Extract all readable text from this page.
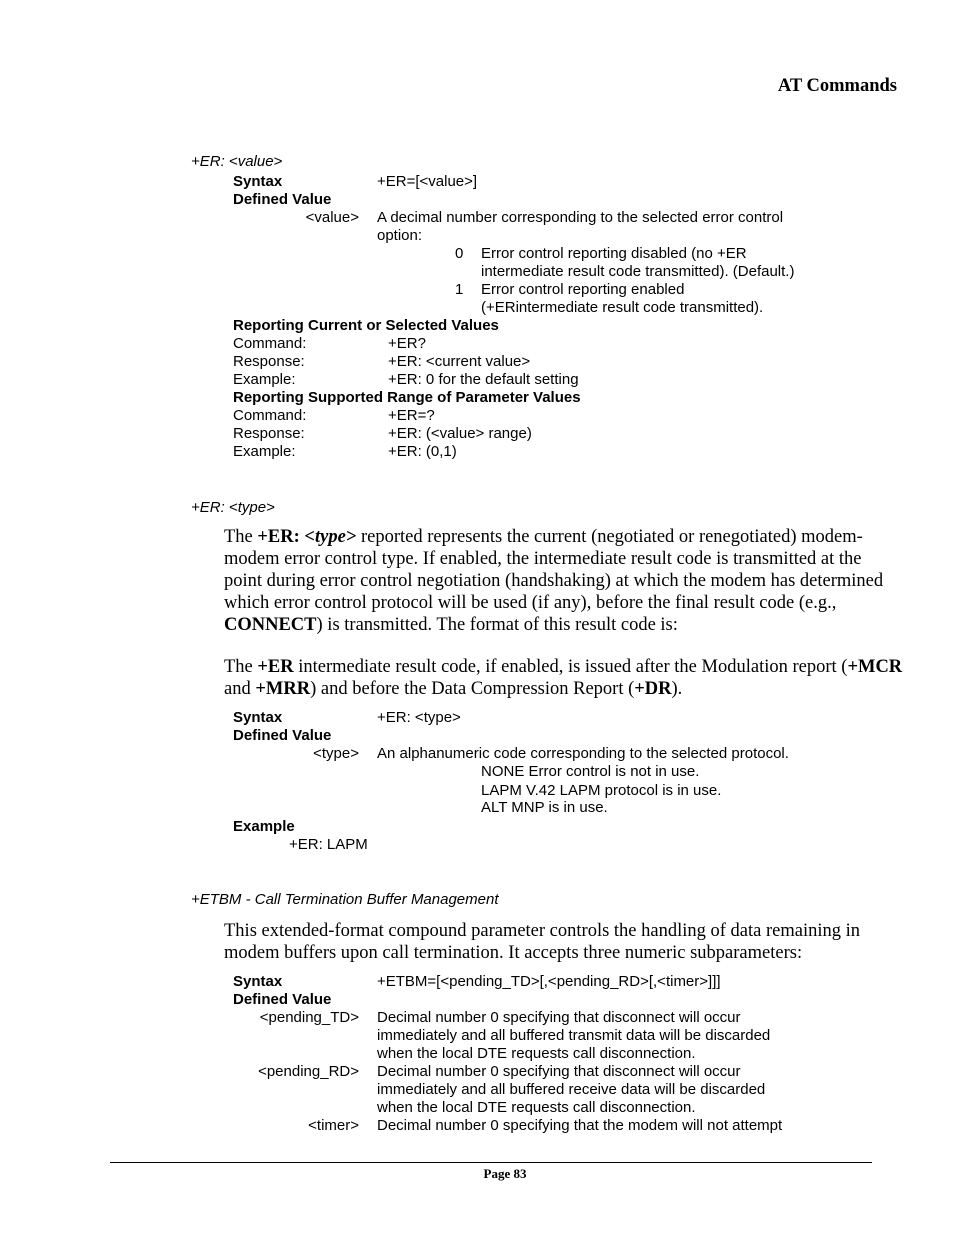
AT Commands
+ER: <value>
Syntax	+ER=[<value>]
Defined Value
<value> A decimal number corresponding to the selected error control
option:
0 Error control reporting disabled (no +ER
intermediate result code transmitted). (Default.)
1 Error control reporting enabled
(+ERintermediate result code transmitted).
Reporting Current or Selected Values
Command:	+ER?
Response:	+ER: <current value>
Example:	+ER: 0 for the default setting
Reporting Supported Range of Parameter Values
Command:	+ER=?
Response:	+ER: (<value> range)
Example:	+ER: (0,1)
+ER: <type>

The +ER: <type> reported represents the current (negotiated or renegotiated) modem-modem error control type. If enabled, the intermediate result code is transmitted at the point during error control negotiation (handshaking) at which the modem has determined which error control protocol will be used (if any), before the final result code (e.g., CONNECT) is transmitted. The format of this result code is:

The +ER intermediate result code, if enabled, is issued after the Modulation report (+MCR and +MRR) and before the Data Compression Report (+DR).

Syntax	+ER: <type>
Defined Value
<type> An alphanumeric code corresponding to the selected protocol.
NONE Error control is not in use.
LAPM V.42 LAPM protocol is in use.
ALT MNP is in use.
Example
+ER: LAPM
+ETBM - Call Termination Buffer Management

This extended-format compound parameter controls the handling of data remaining in modem buffers upon call termination. It accepts three numeric subparameters:

Syntax	+ETBM=[<pending_TD>[,<pending_RD>[,<timer>]]]
Defined Value
<pending_TD> Decimal number 0 specifying that disconnect will occur
immediately and all buffered transmit data will be discarded
when the local DTE requests call disconnection.
<pending_RD> Decimal number 0 specifying that disconnect will occur
immediately and all buffered receive data will be discarded
when the local DTE requests call disconnection.
<timer> Decimal number 0 specifying that the modem will not attempt
Page 83
